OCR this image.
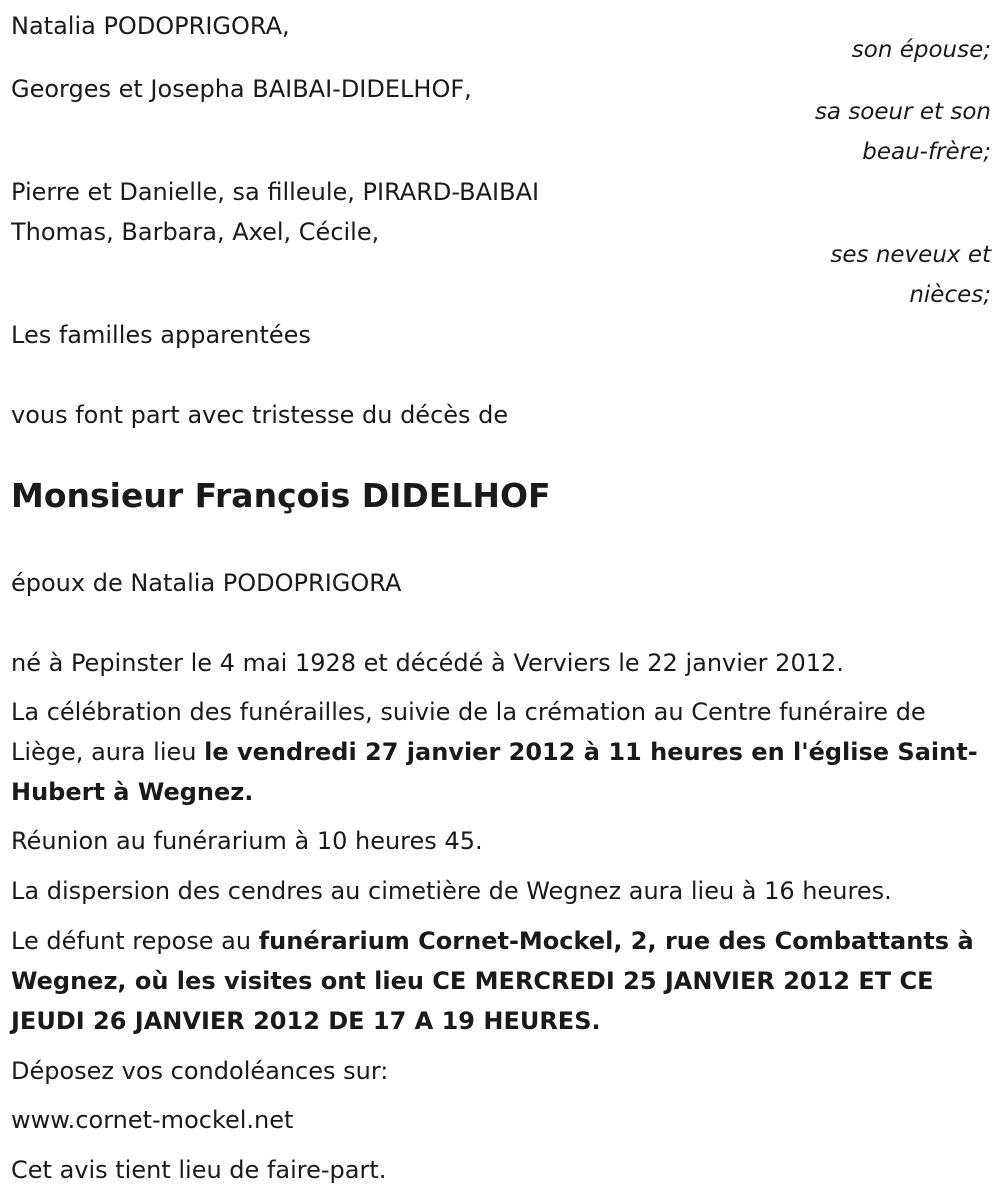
Natalia PODOPRIGORA,
son épouse;
Georges et Josepha BAIBAI-DIDELHOF,
sa soeur et son
beau-frère;
Pierre et Danielle, sa filleule, PIRARD-BAIBAI
Thomas, Barbara, Axel, Cécile,
ses neveux et
nièces;
Les familles apparentées
vous font part avec tristesse du décès de
Monsieur François DIDELHOF
époux de Natalia PODOPRIGORA
né à Pepinster le 4 mai 1928 et décédé à Verviers le 22 janvier 2012.
La célébration des funérailles, suivie de la crémation au Centre funéraire de Liège, aura lieu le vendredi 27 janvier 2012 à 11 heures en l'église Saint-Hubert à Wegnez.
Réunion au funérarium à 10 heures 45.
La dispersion des cendres au cimetière de Wegnez aura lieu à 16 heures.
Le défunt repose au funérarium Cornet-Mockel, 2, rue des Combattants à Wegnez, où les visites ont lieu CE MERCREDI 25 JANVIER 2012 ET CE JEUDI 26 JANVIER 2012 DE 17 A 19 HEURES.
Déposez vos condoléances sur:
www.cornet-mockel.net
Cet avis tient lieu de faire-part.
